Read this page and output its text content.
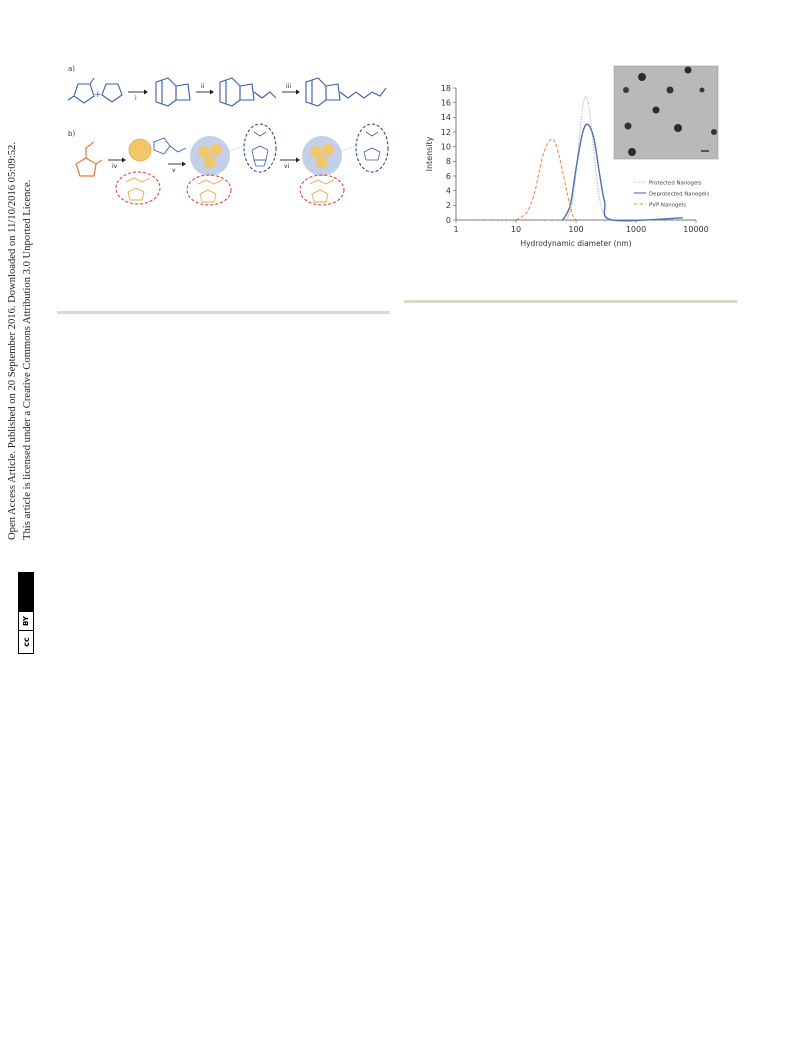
cc
BY
Open Access Article. Published on 20 September 2016. Downloaded on 11/10/2016 05:09:52. This article is licensed under a Creative Commons Attribution 3.0 Unported Licence.
a)
+	i
ii	iii
b)
iv
v
vi
0
2
4
6
8
10
12
14
16
18
1	10	100	1000	10000
Hydrodynamic diameter (nm)
Intensity
Protected Nanogels
Deprotected Nanogels
PVP Nanogels
